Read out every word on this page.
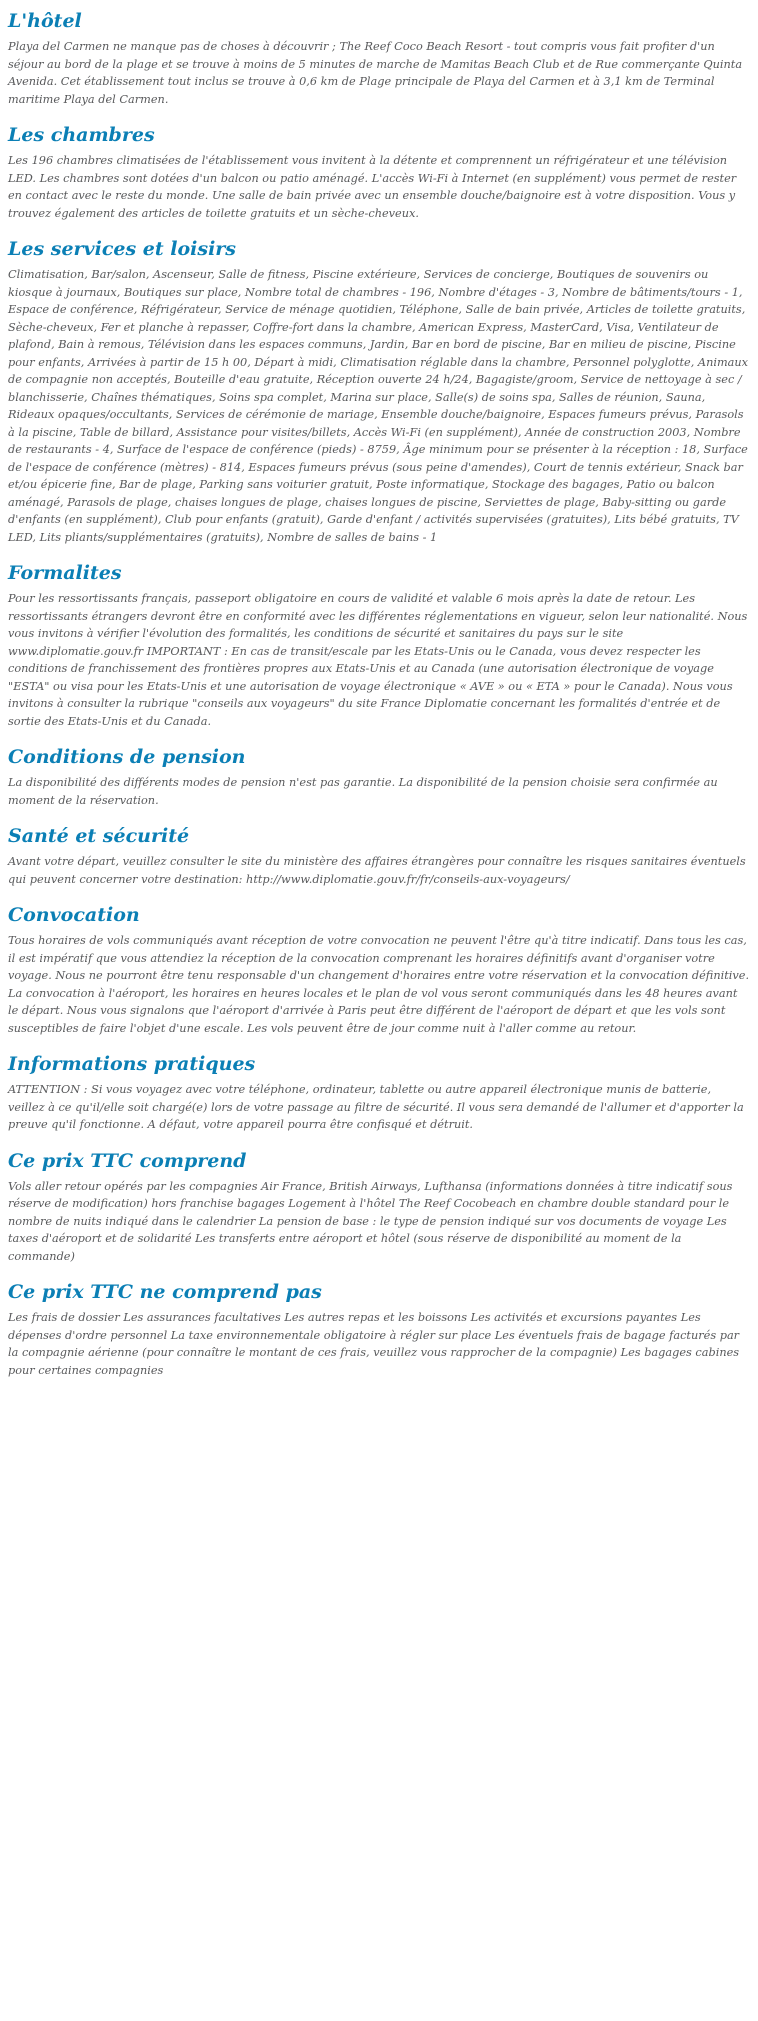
L'hôtel

Playa del Carmen ne manque pas de choses à découvrir ; The Reef Coco Beach Resort - tout compris vous fait profiter d'un séjour au bord de la plage et se trouve à moins de 5 minutes de marche de Mamitas Beach Club et de Rue commerçante Quinta Avenida. Cet établissement tout inclus se trouve à 0,6 km de Plage principale de Playa del Carmen et à 3,1 km de Terminal maritime Playa del Carmen.

Les chambres

Les 196 chambres climatisées de l'établissement vous invitent à la détente et comprennent un réfrigérateur et une télévision LED. Les chambres sont dotées d'un balcon ou patio aménagé. L'accès Wi-Fi à Internet (en supplément) vous permet de rester en contact avec le reste du monde. Une salle de bain privée avec un ensemble douche/baignoire est à votre disposition. Vous y trouvez également des articles de toilette gratuits et un sèche-cheveux.

Les services et loisirs

Climatisation, Bar/salon, Ascenseur, Salle de fitness, Piscine extérieure, Services de concierge, Boutiques de souvenirs ou kiosque à journaux, Boutiques sur place, Nombre total de chambres - 196, Nombre d'étages - 3, Nombre de bâtiments/tours - 1, Espace de conférence, Réfrigérateur, Service de ménage quotidien, Téléphone, Salle de bain privée, Articles de toilette gratuits, Sèche-cheveux, Fer et planche à repasser, Coffre-fort dans la chambre, American Express, MasterCard, Visa, Ventilateur de plafond, Bain à remous, Télévision dans les espaces communs, Jardin, Bar en bord de piscine, Bar en milieu de piscine, Piscine pour enfants, Arrivées à partir de 15 h 00, Départ à midi, Climatisation réglable dans la chambre, Personnel polyglotte, Animaux de compagnie non acceptés, Bouteille d'eau gratuite, Réception ouverte 24 h/24, Bagagiste/groom, Service de nettoyage à sec / blanchisserie, Chaînes thématiques, Soins spa complet, Marina sur place, Salle(s) de soins spa, Salles de réunion, Sauna, Rideaux opaques/occultants, Services de cérémonie de mariage, Ensemble douche/baignoire, Espaces fumeurs prévus, Parasols à la piscine, Table de billard, Assistance pour visites/billets, Accès Wi-Fi (en supplément), Année de construction 2003, Nombre de restaurants - 4, Surface de l'espace de conférence (pieds) - 8759, Âge minimum pour se présenter à la réception : 18, Surface de l'espace de conférence (mètres) - 814, Espaces fumeurs prévus (sous peine d'amendes), Court de tennis extérieur, Snack bar et/ou épicerie fine, Bar de plage, Parking sans voiturier gratuit, Poste informatique, Stockage des bagages, Patio ou balcon aménagé, Parasols de plage, chaises longues de plage, chaises longues de piscine, Serviettes de plage, Baby-sitting ou garde d'enfants (en supplément), Club pour enfants (gratuit), Garde d'enfant / activités supervisées (gratuites), Lits bébé gratuits, TV LED, Lits pliants/supplémentaires (gratuits), Nombre de salles de bains - 1

Formalites

Pour les ressortissants français, passeport obligatoire en cours de validité et valable 6 mois après la date de retour. Les ressortissants étrangers devront être en conformité avec les différentes réglementations en vigueur, selon leur nationalité. Nous vous invitons à vérifier l'évolution des formalités, les conditions de sécurité et sanitaires du pays sur le site www.diplomatie.gouv.fr IMPORTANT : En cas de transit/escale par les Etats-Unis ou le Canada, vous devez respecter les conditions de franchissement des frontières propres aux Etats-Unis et au Canada (une autorisation électronique de voyage "ESTA" ou visa pour les Etats-Unis et une autorisation de voyage électronique « AVE » ou « ETA » pour le Canada). Nous vous invitons à consulter la rubrique "conseils aux voyageurs" du site France Diplomatie concernant les formalités d'entrée et de sortie des Etats-Unis et du Canada.

Conditions de pension

La disponibilité des différents modes de pension n'est pas garantie. La disponibilité de la pension choisie sera confirmée au moment de la réservation.

Santé et sécurité

Avant votre départ, veuillez consulter le site du ministère des affaires étrangères pour connaître les risques sanitaires éventuels qui peuvent concerner votre destination: http://www.diplomatie.gouv.fr/fr/conseils-aux-voyageurs/

Convocation

Tous horaires de vols communiqués avant réception de votre convocation ne peuvent l'être qu'à titre indicatif. Dans tous les cas, il est impératif que vous attendiez la réception de la convocation comprenant les horaires définitifs avant d'organiser votre voyage. Nous ne pourront être tenu responsable d'un changement d'horaires entre votre réservation et la convocation définitive. La convocation à l'aéroport, les horaires en heures locales et le plan de vol vous seront communiqués dans les 48 heures avant le départ. Nous vous signalons que l'aéroport d'arrivée à Paris peut être différent de l'aéroport de départ et que les vols sont susceptibles de faire l'objet d'une escale. Les vols peuvent être de jour comme nuit à l'aller comme au retour.

Informations pratiques

ATTENTION : Si vous voyagez avec votre téléphone, ordinateur, tablette ou autre appareil électronique munis de batterie, veillez à ce qu'il/elle soit chargé(e) lors de votre passage au filtre de sécurité. Il vous sera demandé de l'allumer et d'apporter la preuve qu'il fonctionne. A défaut, votre appareil pourra être confisqué et détruit.

Ce prix TTC comprend

Vols aller retour opérés par les compagnies Air France, British Airways, Lufthansa (informations données à titre indicatif sous réserve de modification) hors franchise bagages Logement à l'hôtel The Reef Cocobeach en chambre double standard pour le nombre de nuits indiqué dans le calendrier La pension de base : le type de pension indiqué sur vos documents de voyage Les taxes d'aéroport et de solidarité Les transferts entre aéroport et hôtel (sous réserve de disponibilité au moment de la commande)

Ce prix TTC ne comprend pas

Les frais de dossier Les assurances facultatives Les autres repas et les boissons Les activités et excursions payantes Les dépenses d'ordre personnel La taxe environnementale obligatoire à régler sur place Les éventuels frais de bagage facturés par la compagnie aérienne (pour connaître le montant de ces frais, veuillez vous rapprocher de la compagnie) Les bagages cabines pour certaines compagnies
